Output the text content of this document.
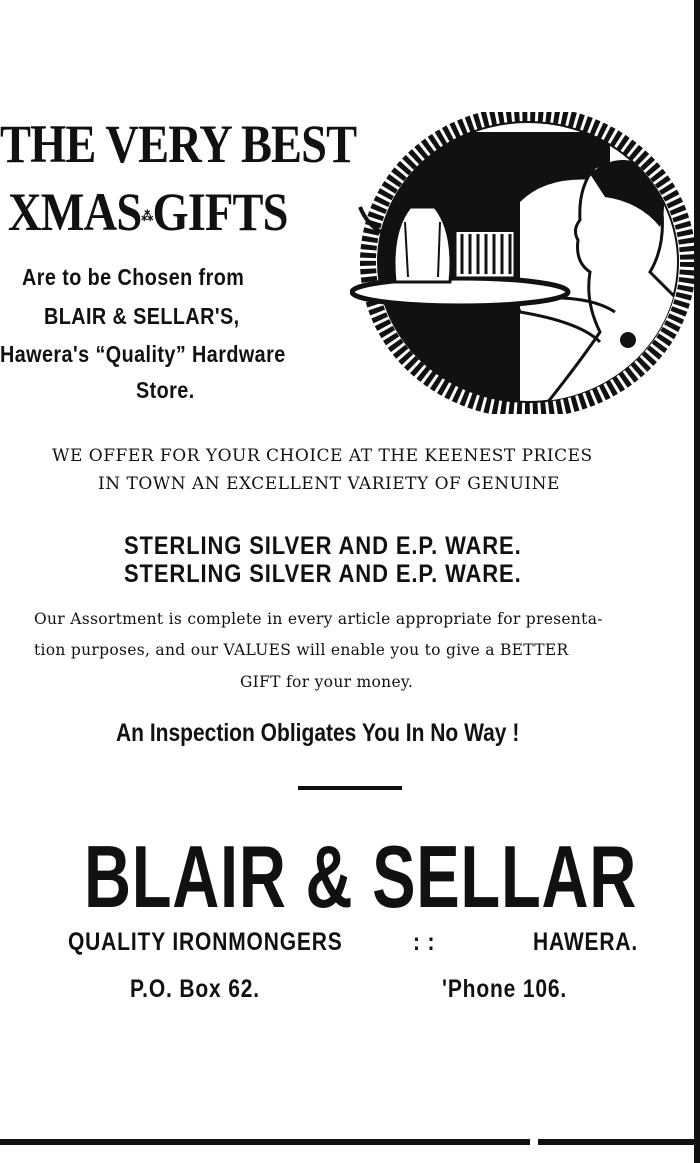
THE VERY BEST
XMAS⁂GIFTS
Are to be Chosen from
BLAIR & SELLAR'S,
Hawera's “Quality” Hardware
Store.
WE OFFER FOR YOUR CHOICE AT THE KEENEST PRICES
IN TOWN AN EXCELLENT VARIETY OF GENUINE
STERLING SILVER AND E.P. WARE.
STERLING SILVER AND E.P. WARE.
Our Assortment is complete in every article appropriate for presenta-
tion purposes, and our VALUES will enable you to give a BETTER
GIFT for your money.
An Inspection Obligates You In No Way !
BLAIR & SELLAR
QUALITY IRONMONGERS	: :	HAWERA.
P.O. Box 62.	'Phone 106.
